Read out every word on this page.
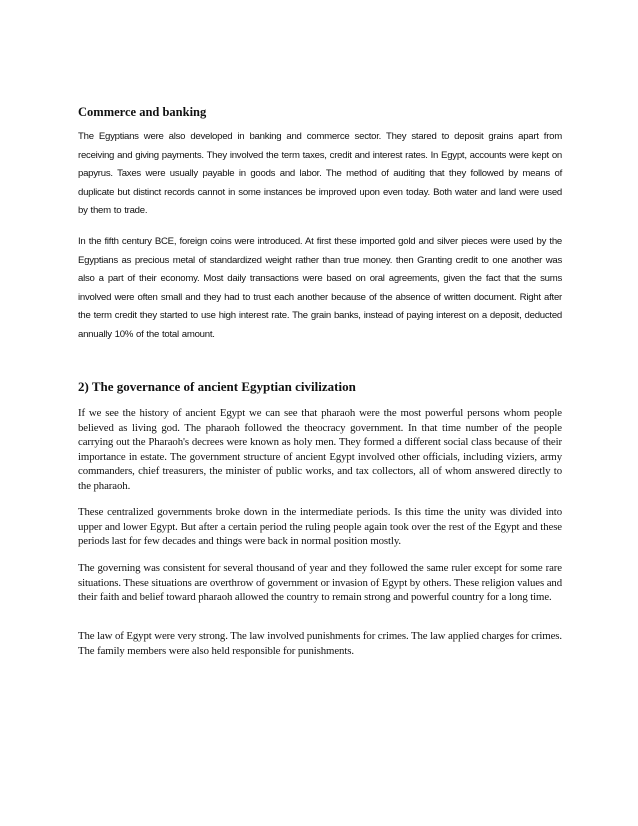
Commerce and banking
The Egyptians were also developed in banking and commerce sector. They stared to deposit grains apart from receiving and giving payments. They involved the term taxes, credit and interest rates. In Egypt, accounts were kept on papyrus. Taxes were usually payable in goods and labor. The method of auditing that they followed by means of duplicate but distinct records cannot in some instances be improved upon even today. Both water and land were used by them to trade.
In the fifth century BCE, foreign coins were introduced. At first these imported gold and silver pieces were used by the Egyptians as precious metal of standardized weight rather than true money. then Granting credit to one another was also a part of their economy. Most daily transactions were based on oral agreements, given the fact that the sums involved were often small and they had to trust each another because of the absence of written document. Right after the term credit they started to use high interest rate. The grain banks, instead of paying interest on a deposit, deducted annually 10% of the total amount.
2) The governance of ancient Egyptian civilization
If we see the history of ancient Egypt we can see that pharaoh were the most powerful persons whom people believed as living god. The pharaoh followed the theocracy government. In that time number of the people carrying out the Pharaoh's decrees were known as holy men. They formed a different social class because of their importance in estate. The government structure of ancient Egypt involved other officials, including viziers, army commanders, chief treasurers, the minister of public works, and tax collectors, all of whom answered directly to the pharaoh.
These centralized governments broke down in the intermediate periods. Is this time the unity was divided into upper and lower Egypt. But after a certain period the ruling people again took over the rest of the Egypt and these periods last for few decades and things were back in normal position mostly.
The governing was consistent for several thousand of year and they followed the same ruler except for some rare situations. These situations are overthrow of government or invasion of Egypt by others. These religion values and their faith and belief toward pharaoh allowed the country to remain strong and powerful country for a long time.
The law of Egypt were very strong. The law involved punishments for crimes. The law applied charges for crimes. The family members were also held responsible for punishments.
